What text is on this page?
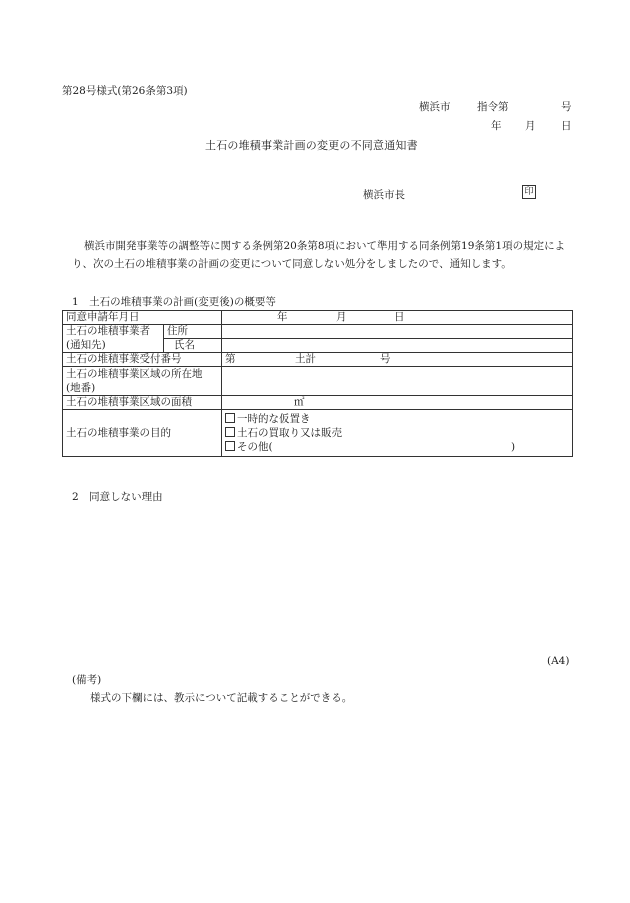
第28号様式(第26条第3項)
横浜市	指令第	号
年 月 日
土石の堆積事業計画の変更の不同意通知書
横浜市長	印
横浜市開発事業等の調整等に関する条例第20条第8項において準用する同条例第19条第1項の規定により、次の土石の堆積事業の計画の変更について同意しない処分をしましたので、通知します。
1　土石の堆積事業の計画(変更後)の概要等
同意申請年月日		年 月 日

土石の堆積事業者	住所	
(通知先)	氏名	
土石の堆積事業受付番号		第 土計 号

土石の堆積事業区域の所在地
(地番)		
土石の堆積事業区域の面積		㎡
土石の堆積事業の目的		一時的な仮置き
土石の買取り又は販売
その他( )
2　同意しない理由
(A4)
(備考)
様式の下欄には、教示について記載することができる。
